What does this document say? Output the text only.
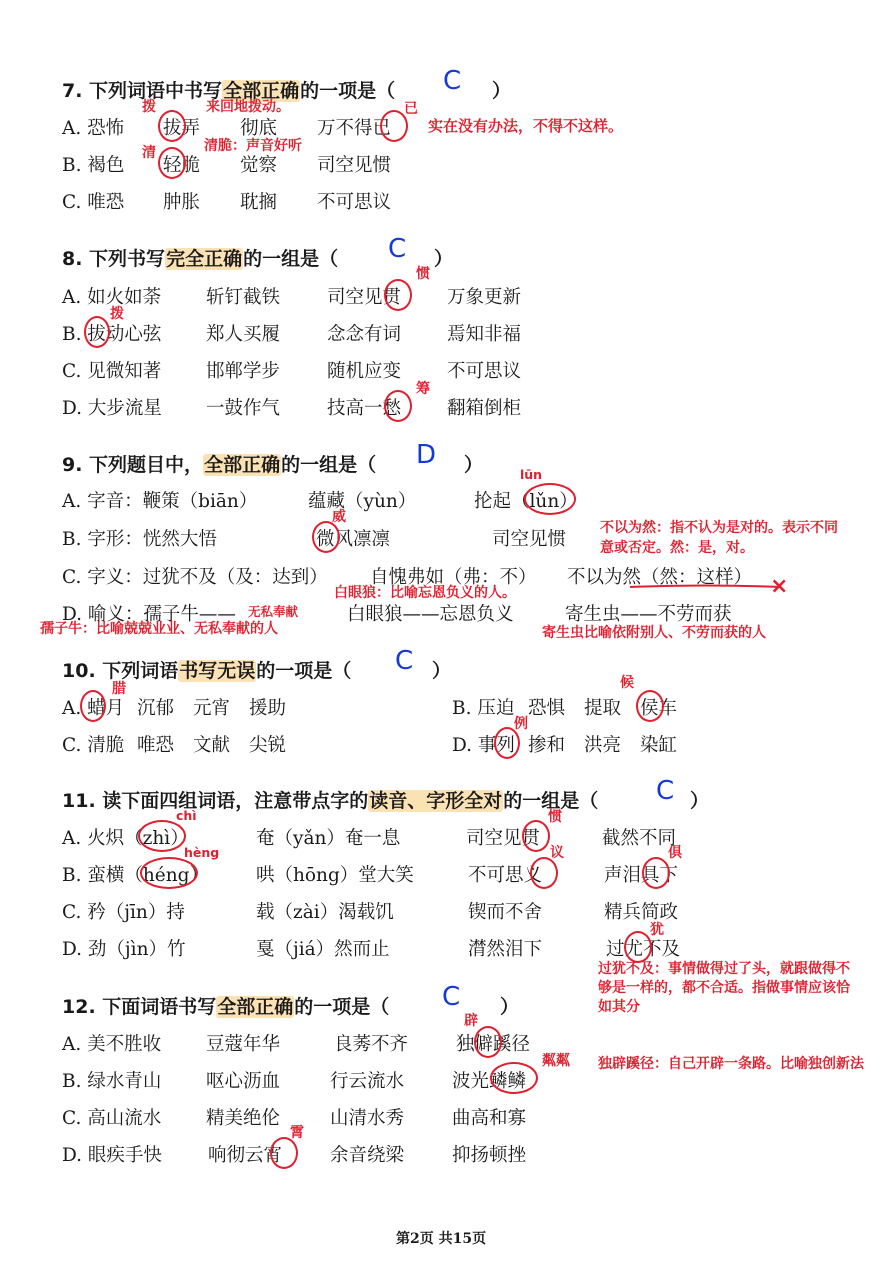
7. 下列词语中书写全部正确的一项是（	）
C
A. 恐怖 拔弄 彻底 万不得已
B. 褐色 轻脆 觉察 司空见惯
C. 唯恐 肿胀 耽搁 不可思议
拨	来回地拨动。	已
实在没有办法，不得不这样。
清	清脆：声音好听
8. 下列书写完全正确的一组是（	）
C
A. 如火如荼 斩钉截铁	司空见贯 万象更新
B. 拔动心弦 郑人买履	念念有词 焉知非福
C. 见微知著 邯郸学步	随机应变 不可思议
D. 大步流星 一鼓作气	技高一愁 翻箱倒柜
惯
拨
筹
9. 下列题目中，全部正确的一组是（	）
D
A. 字音：鞭策（biān）	蕴藏（yùn）	抡起（lǔn）
B. 字形：恍然大悟	微风凛凛	司空见惯
C. 字义：过犹不及（及：达到） 自愧弗如（弗：不） 不以为然（然：这样）
D. 喻义：孺子牛—— 无私奉献	白眼狼——忘恩负义	寄生虫——不劳而获
lūn
威
不以为然：指不认为是对的。表示不同意或否定。然：是，对。
白眼狼：比喻忘恩负义的人。	×
孺子牛：比喻兢兢业业、无私奉献的人	寄生虫比喻依附别人、不劳而获的人
10. 下列词语书写无误的一项是（	）
C
A. 蜡月 沉郁 元宵 援助	B. 压迫 恐惧 提取 侯车
C. 清脆 唯恐 文献 尖锐	D. 事列 掺和 洪亮 染缸
腊	候
例
11. 读下面四组词语，注意带点字的读音、字形全对的一组是（	）
C
A. 火炽（zhì）	奄（yǎn）奄一息	司空见贯	截然不同
B. 蛮横（héng）	哄（hōng）堂大笑	不可思义	声泪具下
C. 矜（jīn）持	载（zài）渴载饥	锲而不舍	精兵简政
D. 劲（jìn）竹	戛（jiá）然而止	潸然泪下	过尤不及
chì	惯
hèng	议	俱
犹
过犹不及：事情做得过了头，就跟做得不够是一样的，都不合适。指做事情应该恰如其分
12. 下面词语书写全部正确的一项是（	）
C
A. 美不胜收 豆蔻年华	良莠不齐	独僻蹊径
B. 绿水青山 呕心沥血	行云流水	波光鳞鳞
C. 高山流水 精美绝伦	山清水秀	曲高和寡
D. 眼疾手快 响彻云宵	余音绕梁	抑扬顿挫
辟
粼粼
霄
独辟蹊径：自己开辟一条路。比喻独创新法
第2页 共15页
